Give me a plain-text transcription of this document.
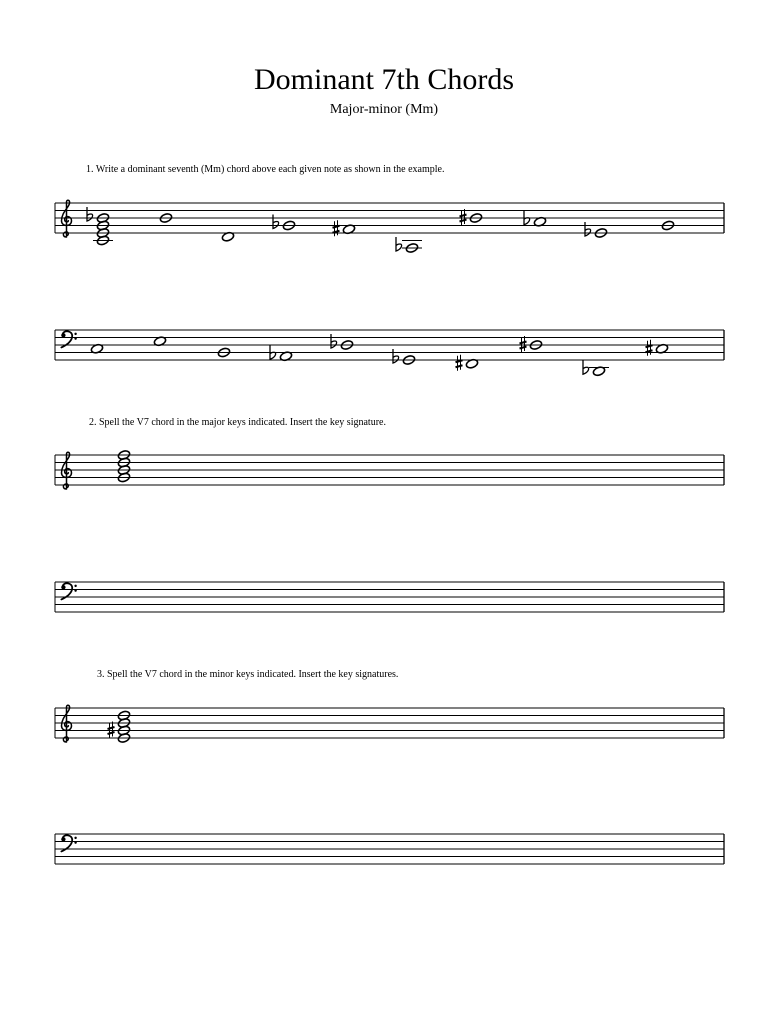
Dominant 7th Chords
Major-minor (Mm)
1. Write a dominant seventh (Mm) chord above each given note as shown in the example.
2. Spell the V7 chord in the major keys indicated. Insert the key signature.
3. Spell the V7 chord in the minor keys indicated. Insert the key signatures.
